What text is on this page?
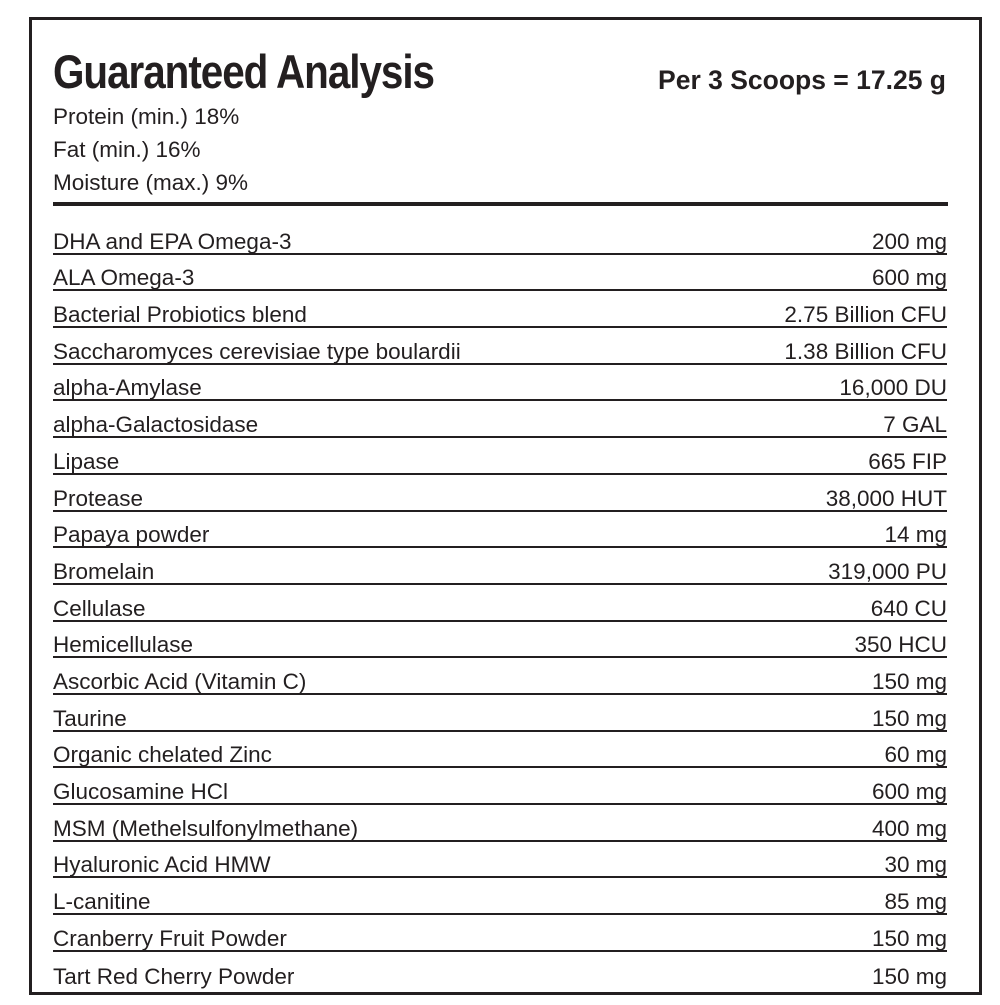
Guaranteed Analysis	Per 3 Scoops = 17.25 g
Protein (min.) 18%
Fat (min.) 16%
Moisture (max.) 9%
DHA and EPA Omega-3	200 mg
ALA Omega-3	600 mg
Bacterial Probiotics blend	2.75 Billion CFU
Saccharomyces cerevisiae type boulardii	1.38 Billion CFU
alpha-Amylase	16,000 DU
alpha-Galactosidase	7 GAL
Lipase	665 FIP
Protease	38,000 HUT
Papaya powder	14 mg
Bromelain	319,000 PU
Cellulase	640 CU
Hemicellulase	350 HCU
Ascorbic Acid (Vitamin C)	150 mg
Taurine	150 mg
Organic chelated Zinc	60 mg
Glucosamine HCl	600 mg
MSM (Methelsulfonylmethane)	400 mg
Hyaluronic Acid HMW	30 mg
L-canitine	85 mg
Cranberry Fruit Powder	150 mg
Tart Red Cherry Powder	150 mg
